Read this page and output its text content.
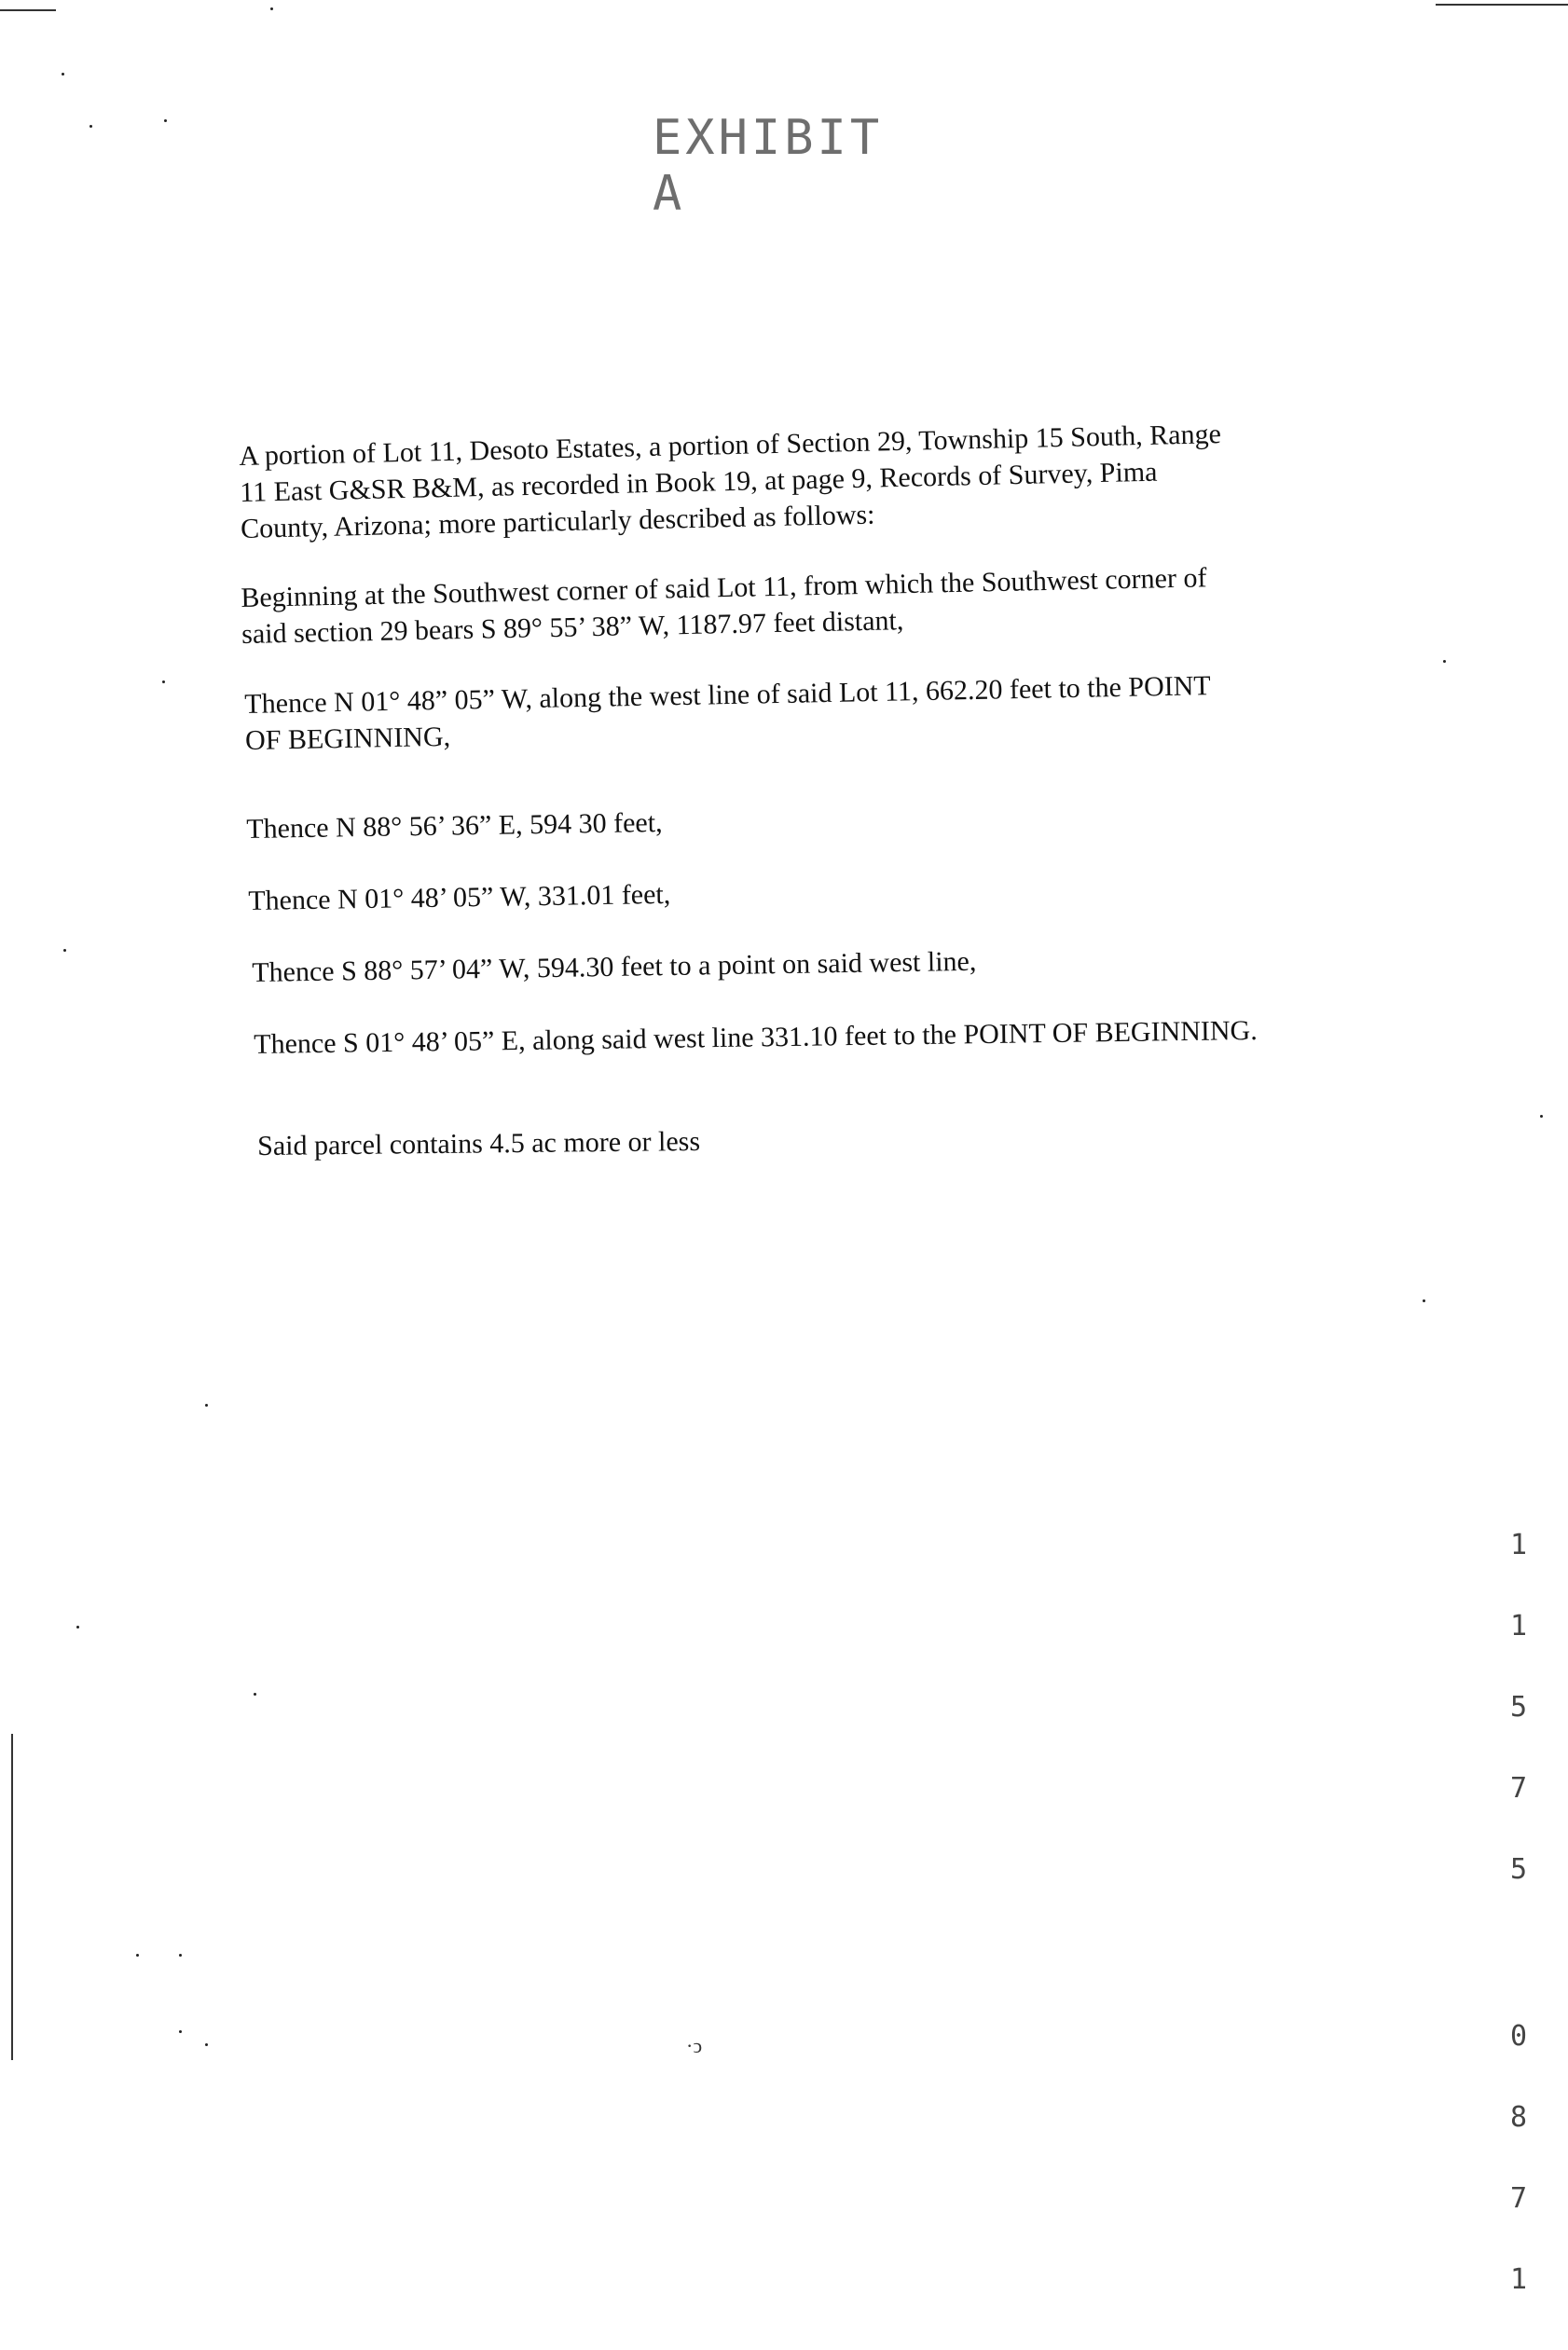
EXHIBIT A
A portion of Lot 11, Desoto Estates, a portion of Section 29, Township 15 South, Range
11 East G&SR B&M, as recorded in Book 19, at page 9, Records of Survey, Pima
County, Arizona; more particularly described as follows:
Beginning at the Southwest corner of said Lot 11, from which the Southwest corner of
said section 29 bears S 89° 55’ 38” W, 1187.97 feet distant,
Thence N 01° 48” 05” W, along the west line of said Lot 11, 662.20 feet to the POINT
OF BEGINNING,
Thence N 88° 56’ 36” E, 594 30 feet,
Thence N 01° 48’ 05” W, 331.01 feet,
Thence S 88° 57’ 04” W, 594.30 feet to a point on said west line,
Thence S 01° 48’ 05” E, along said west line 331.10 feet to the POINT OF BEGINNING.
Said parcel contains 4.5 ac more or less

1

1

5

7

5

0

8

7

1

·ↄ
